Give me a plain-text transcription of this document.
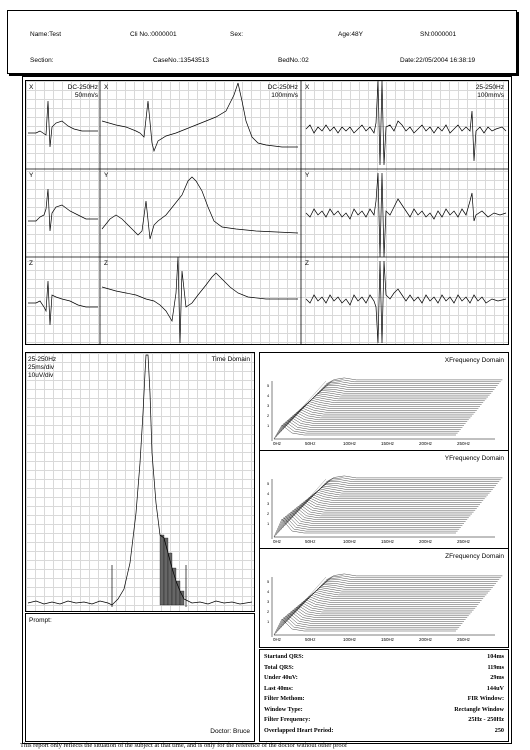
Name:Test	Cli No.:0000001	Sex:	Age:48Y	SN:0000001
Section:	CaseNo.:13543513	BedNo.:02	Date:22/05/2004 16:38:19
X	X	X
Y	Y	Y
Z	Z	Z
DC-250Hz
50mm/s
DC-250Hz
100mm/s
25-250Hz
100mm/s
25-250Hz
25ms/div
10uV/div
Time Domain
Prompt:
Doctor: Bruce
XFrequency Domain
5
4
3
2
1
0Hz	50Hz	100Hz	150Hz	200Hz	250Hz
YFrequency Domain
5
4
3
2
1
0Hz	50Hz	100Hz	150Hz	200Hz	250Hz
ZFrequency Domain
5
4
3
2
1
0Hz	50Hz	100Hz	150Hz	200Hz	250Hz
Startand QRS:	104ms
Total QRS:	119ms
Under 40uV:	29ms
Last 40ms:	144uV
Filter Methom:	FIR Window:
Window Type:	Rectangle Window
Filter Frequency:	25Hz - 250Hz
Overlapped Heart Period:	250
This report only reflects the situation of the subject at that time, and is only for the reference of the doctor without other proof
